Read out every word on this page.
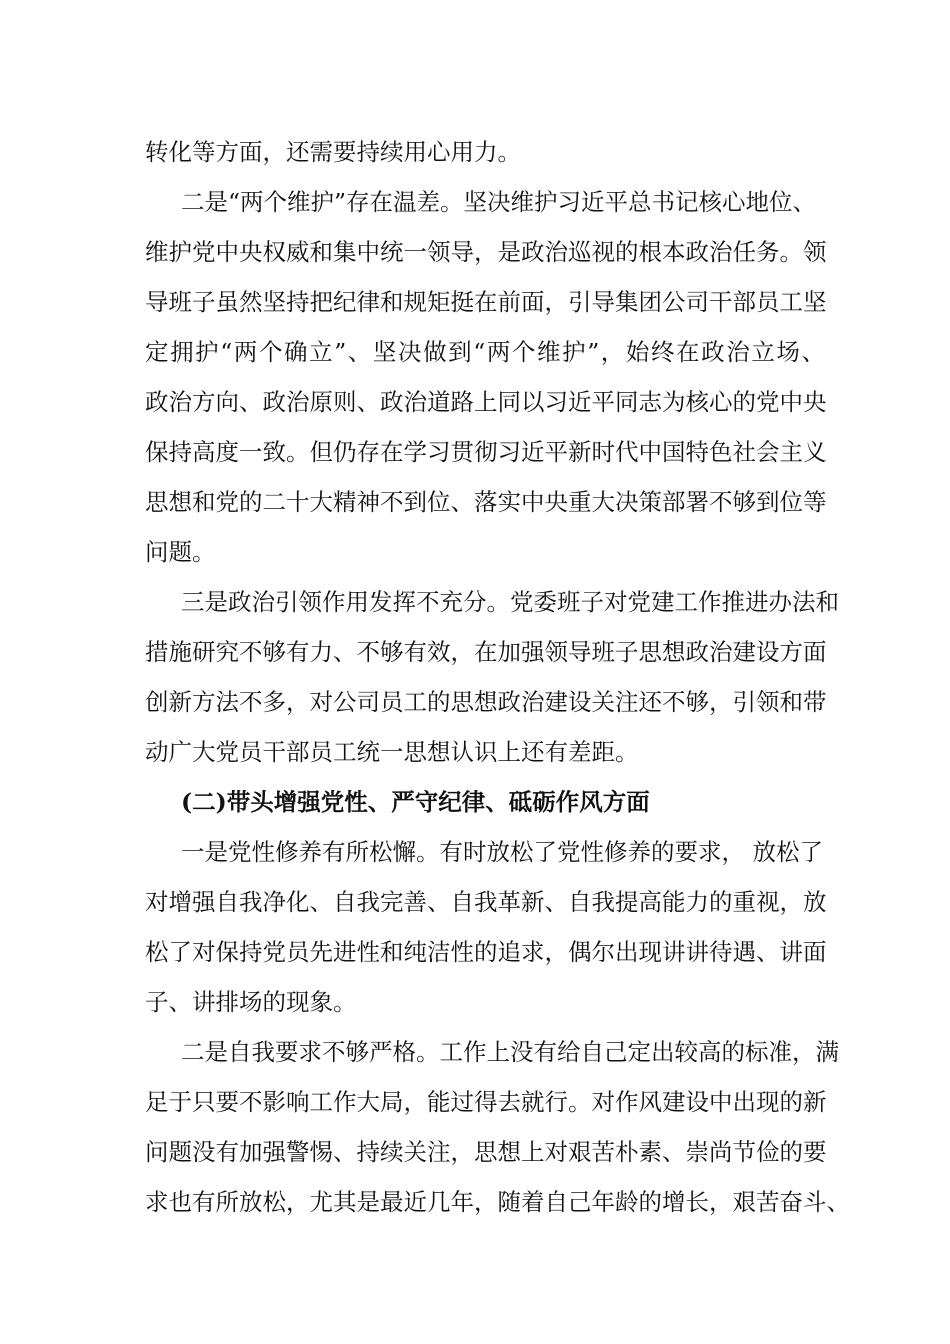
转化等方面，还需要持续用心用力。
二是“两个维护”存在温差。坚决维护习近平总书记核心地位、
维护党中央权威和集中统一领导，是政治巡视的根本政治任务。领
导班子虽然坚持把纪律和规矩挺在前面，引导集团公司干部员工坚
定拥护“两个确立”、坚决做到“两个维护”，始终在政治立场、
政治方向、政治原则、政治道路上同以习近平同志为核心的党中央
保持高度一致。但仍存在学习贯彻习近平新时代中国特色社会主义
思想和党的二十大精神不到位、落实中央重大决策部署不够到位等
问题。
三是政治引领作用发挥不充分。党委班子对党建工作推进办法和
措施研究不够有力、不够有效，在加强领导班子思想政治建设方面
创新方法不多，对公司员工的思想政治建设关注还不够，引领和带
动广大党员干部员工统一思想认识上还有差距。
(二)带头增强党性、严守纪律、砥砺作风方面
一是党性修养有所松懈。有时放松了党性修养的要求， 放松了
对增强自我净化、自我完善、自我革新、自我提高能力的重视，放
松了对保持党员先进性和纯洁性的追求，偶尔出现讲讲待遇、讲面
子、讲排场的现象。
二是自我要求不够严格。工作上没有给自己定出较高的标准，满
足于只要不影响工作大局，能过得去就行。对作风建设中出现的新
问题没有加强警惕、持续关注，思想上对艰苦朴素、崇尚节俭的要
求也有所放松，尤其是最近几年，随着自己年龄的增长，艰苦奋斗、
